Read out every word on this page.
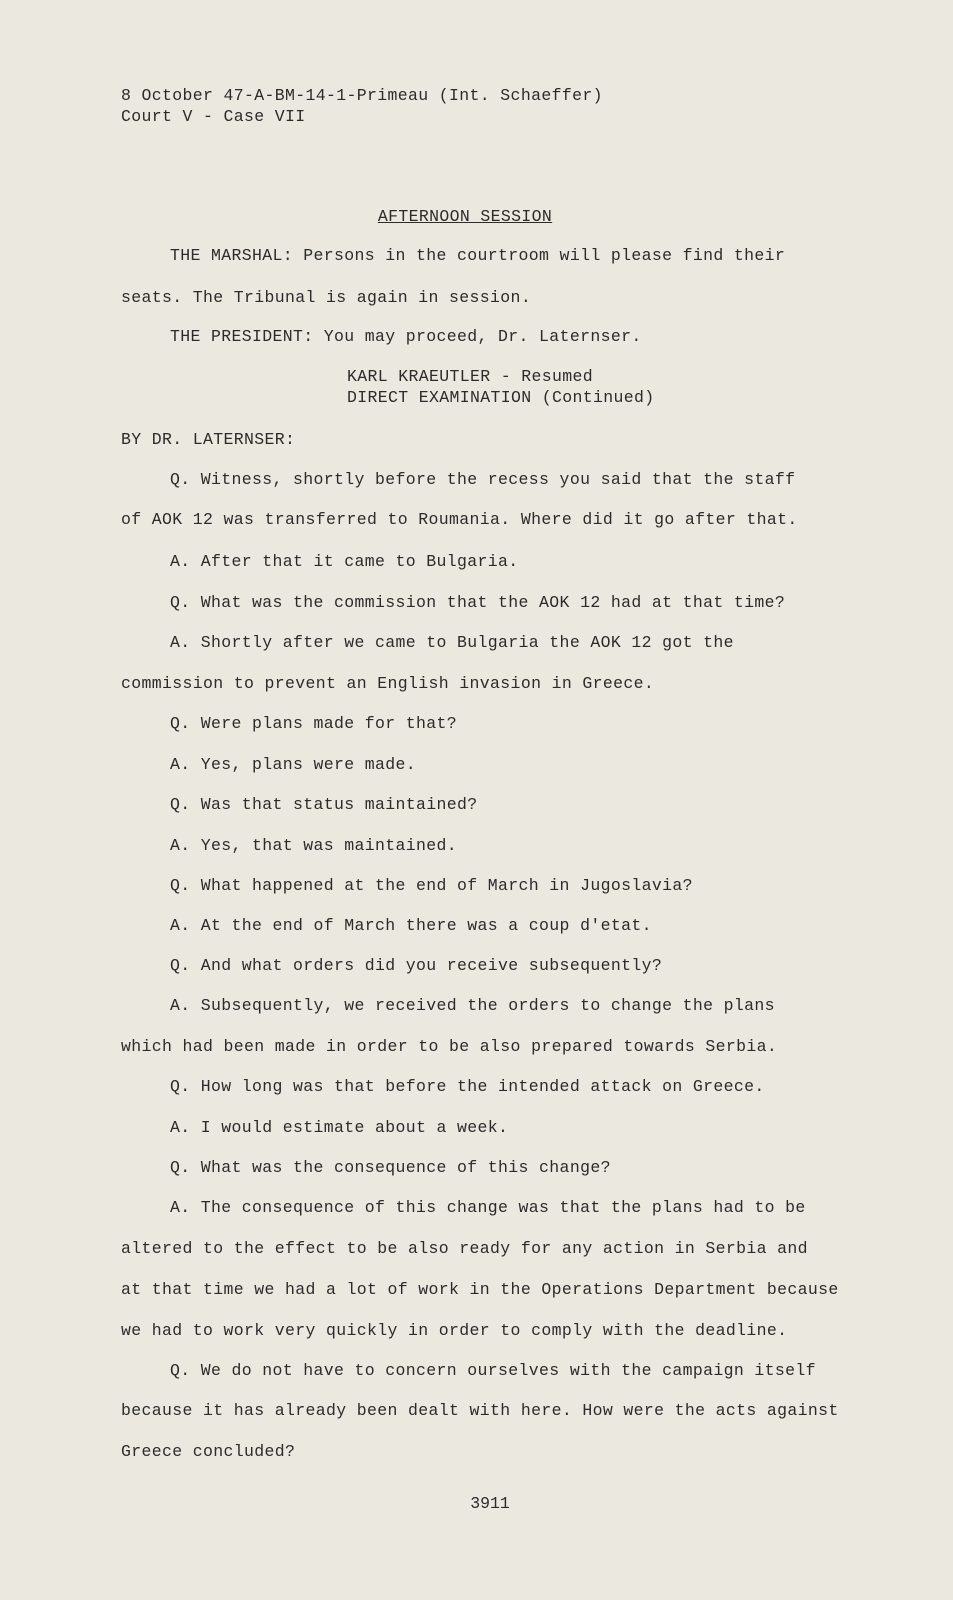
8 October 47-A-BM-14-1-Primeau (Int. Schaeffer)
Court V - Case VII
AFTERNOON SESSION
THE MARSHAL: Persons in the courtroom will please find their
seats. The Tribunal is again in session.
THE PRESIDENT: You may proceed, Dr. Laternser.
KARL KRAEUTLER - Resumed
DIRECT EXAMINATION (Continued)
BY DR. LATERNSER:
Q. Witness, shortly before the recess you said that the staff
of AOK 12 was transferred to Roumania. Where did it go after that.
A. After that it came to Bulgaria.
Q. What was the commission that the AOK 12 had at that time?
A. Shortly after we came to Bulgaria the AOK 12 got the
commission to prevent an English invasion in Greece.
Q. Were plans made for that?
A. Yes, plans were made.
Q. Was that status maintained?
A. Yes, that was maintained.
Q. What happened at the end of March in Jugoslavia?
A. At the end of March there was a coup d'etat.
Q. And what orders did you receive subsequently?
A. Subsequently, we received the orders to change the plans
which had been made in order to be also prepared towards Serbia.
Q. How long was that before the intended attack on Greece.
A. I would estimate about a week.
Q. What was the consequence of this change?
A. The consequence of this change was that the plans had to be
altered to the effect to be also ready for any action in Serbia and
at that time we had a lot of work in the Operations Department because
we had to work very quickly in order to comply with the deadline.
Q. We do not have to concern ourselves with the campaign itself
because it has already been dealt with here. How were the acts against
Greece concluded?
3911
